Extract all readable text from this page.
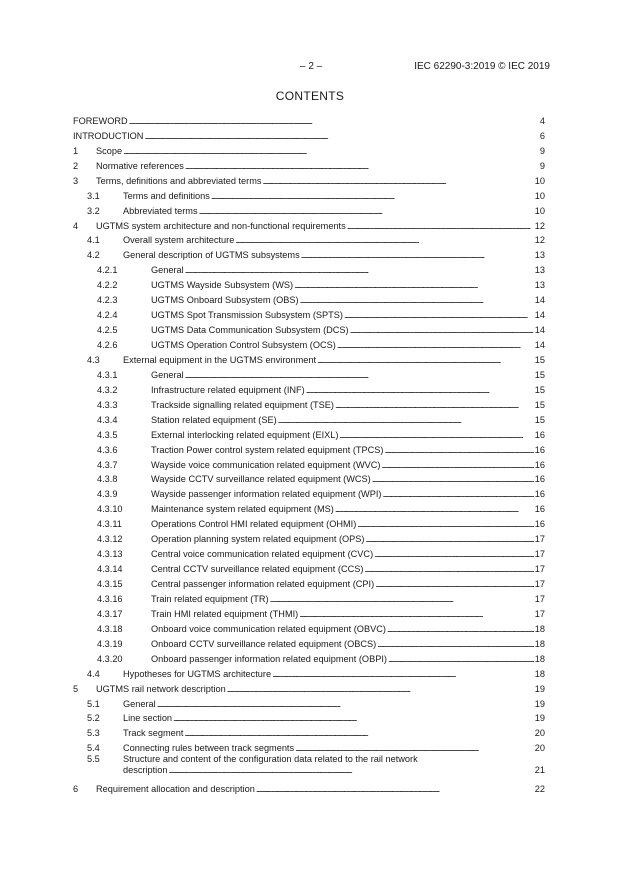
– 2 –	IEC 62290-3:2019 © IEC 2019
CONTENTS
FOREWORD . . .	4
INTRODUCTION . . .	6
1	Scope . . .	9
2	Normative references . . .	9
3	Terms, definitions and abbreviated terms . . .	10
3.1	Terms and definitions . . .	10
3.2	Abbreviated terms . . .	10
4	UGTMS system architecture and non-functional requirements . . .	12
4.1	Overall system architecture . . .	12
4.2	General description of UGTMS subsystems . . .	13
4.2.1	General . . .	13
4.2.2	UGTMS Wayside Subsystem (WS) . . .	13
4.2.3	UGTMS Onboard Subsystem (OBS) . . .	14
4.2.4	UGTMS Spot Transmission Subsystem (SPTS) . . .	14
4.2.5	UGTMS Data Communication Subsystem (DCS) . . .	14
4.2.6	UGTMS Operation Control Subsystem (OCS) . . .	14
4.3	External equipment in the UGTMS environment . . .	15
4.3.1	General . . .	15
4.3.2	Infrastructure related equipment (INF) . . .	15
4.3.3	Trackside signalling related equipment (TSE) . . .	15
4.3.4	Station related equipment (SE) . . .	15
4.3.5	External interlocking related equipment (EIXL) . . .	16
4.3.6	Traction Power control system related equipment (TPCS) . . .	16
4.3.7	Wayside voice communication related equipment (WVC) . . .	16
4.3.8	Wayside CCTV surveillance related equipment (WCS) . . .	16
4.3.9	Wayside passenger information related equipment (WPI) . . .	16
4.3.10	Maintenance system related equipment (MS) . . .	16
4.3.11	Operations Control HMI related equipment (OHMI) . . .	16
4.3.12	Operation planning system related equipment (OPS) . . .	17
4.3.13	Central voice communication related equipment (CVC) . . .	17
4.3.14	Central CCTV surveillance related equipment (CCS) . . .	17
4.3.15	Central passenger information related equipment (CPI) . . .	17
4.3.16	Train related equipment (TR) . . .	17
4.3.17	Train HMI related equipment (THMI) . . .	17
4.3.18	Onboard voice communication related equipment (OBVC) . . .	18
4.3.19	Onboard CCTV surveillance related equipment (OBCS) . . .	18
4.3.20	Onboard passenger information related equipment (OBPI) . . .	18
4.4	Hypotheses for UGTMS architecture . . .	18
5	UGTMS rail network description . . .	19
5.1	General . . .	19
5.2	Line section . . .	19
5.3	Track segment . . .	20
5.4	Connecting rules between track segments . . .	20
5.5	Structure and content of the configuration data related to the rail network
description . . .	21
6	Requirement allocation and description . . .	22
